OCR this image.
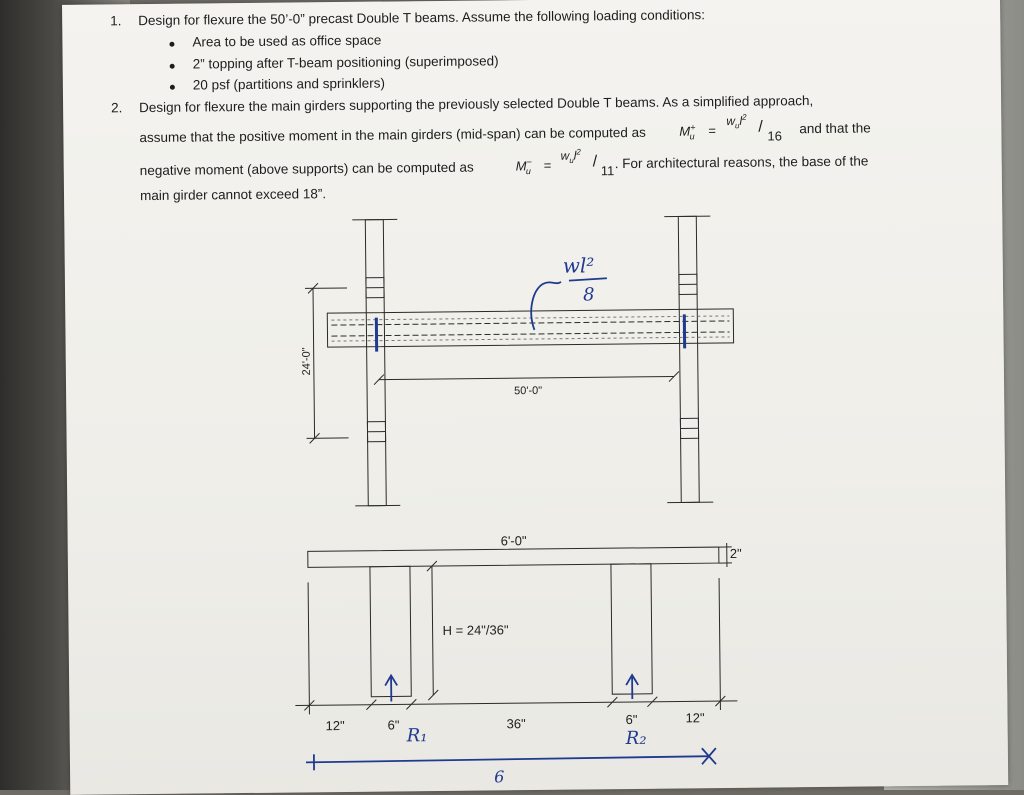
1. Design for flexure the 50’-0” precast Double T beams. Assume the following loading conditions:
Area to be used as office space
2” topping after T-beam positioning (superimposed)
20 psf (partitions and sprinklers)
2. Design for flexure the main girders supporting the previously selected Double T beams. As a simplified approach,
assume that the positive moment in the main girders (mid-span) can be computed as	$M^+_u$ =
$w_ul^2$
/
16 and that the
negative moment (above supports) can be computed as	$M^-_u$ =
$w_ul^2$
/
11 . For architectural reasons, the base of the
main girder cannot exceed 18”.
24'-0"
50'-0"
wl²
8
6'-0"
2"
H = 24"/36"
12"	6"	36"	6"	12"
R₁	R₂
6
